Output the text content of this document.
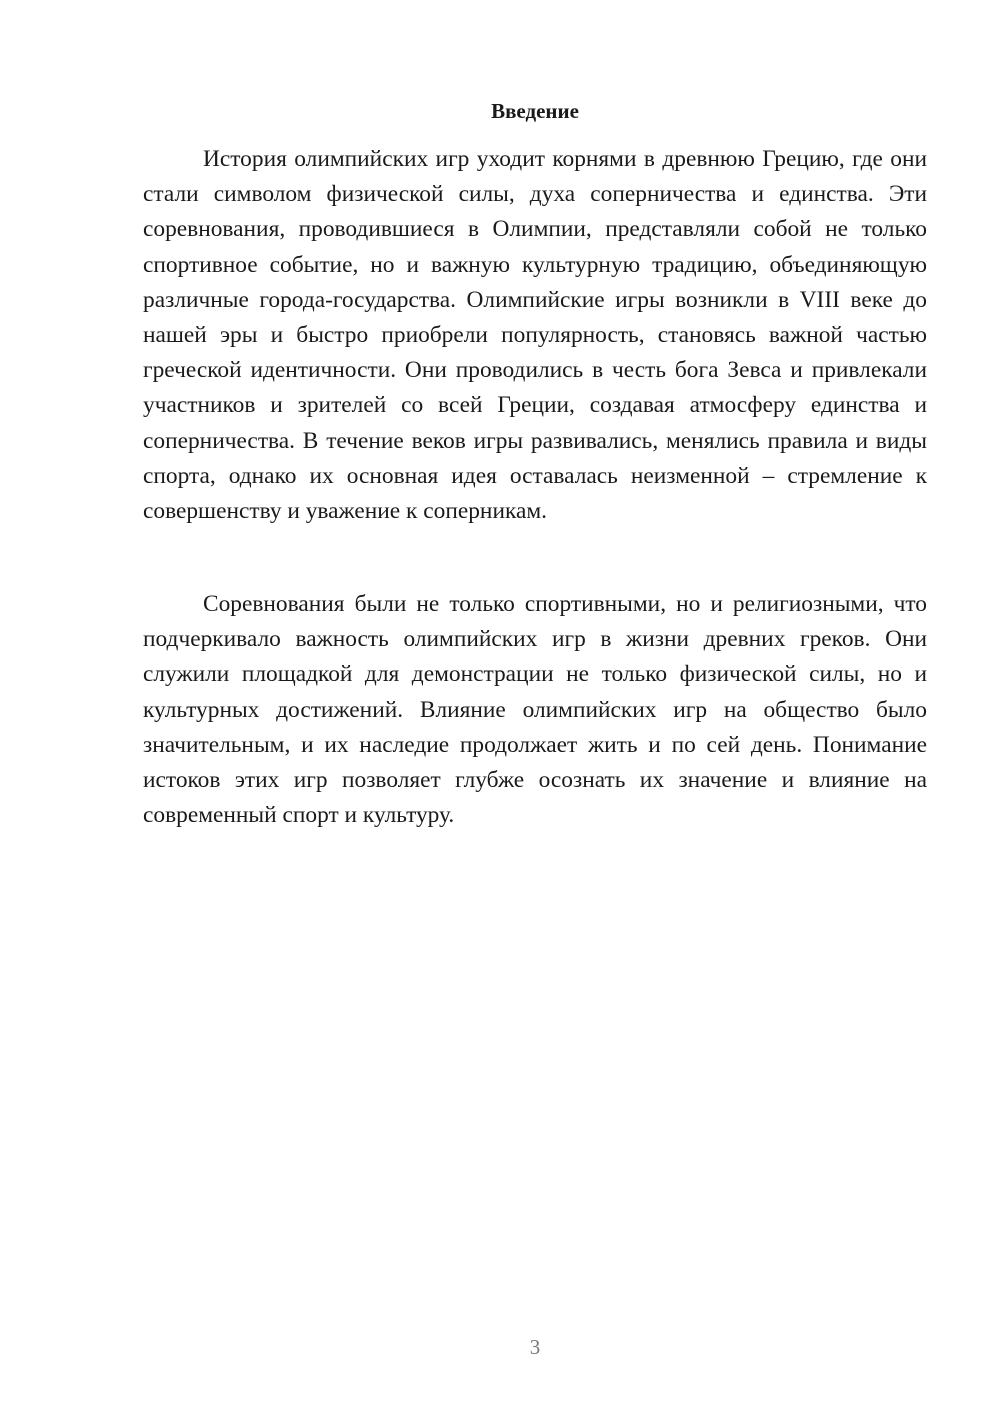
Введение

История олимпийских игр уходит корнями в древнюю Грецию, где они стали символом физической силы, духа соперничества и единства. Эти соревнования, проводившиеся в Олимпии, представляли собой не только спортивное событие, но и важную культурную традицию, объединяющую различные города-государства. Олимпийские игры возникли в VIII веке до нашей эры и быстро приобрели популярность, становясь важной частью греческой идентичности. Они проводились в честь бога Зевса и привлекали участников и зрителей со всей Греции, создавая атмосферу единства и соперничества. В течение веков игры развивались, менялись правила и виды спорта, однако их основная идея оставалась неизменной – стремление к совершенству и уважение к соперникам.

Соревнования были не только спортивными, но и религиозными, что подчеркивало важность олимпийских игр в жизни древних греков. Они служили площадкой для демонстрации не только физической силы, но и культурных достижений. Влияние олимпийских игр на общество было значительным, и их наследие продолжает жить и по сей день. Понимание истоков этих игр позволяет глубже осознать их значение и влияние на современный спорт и культуру.

3
